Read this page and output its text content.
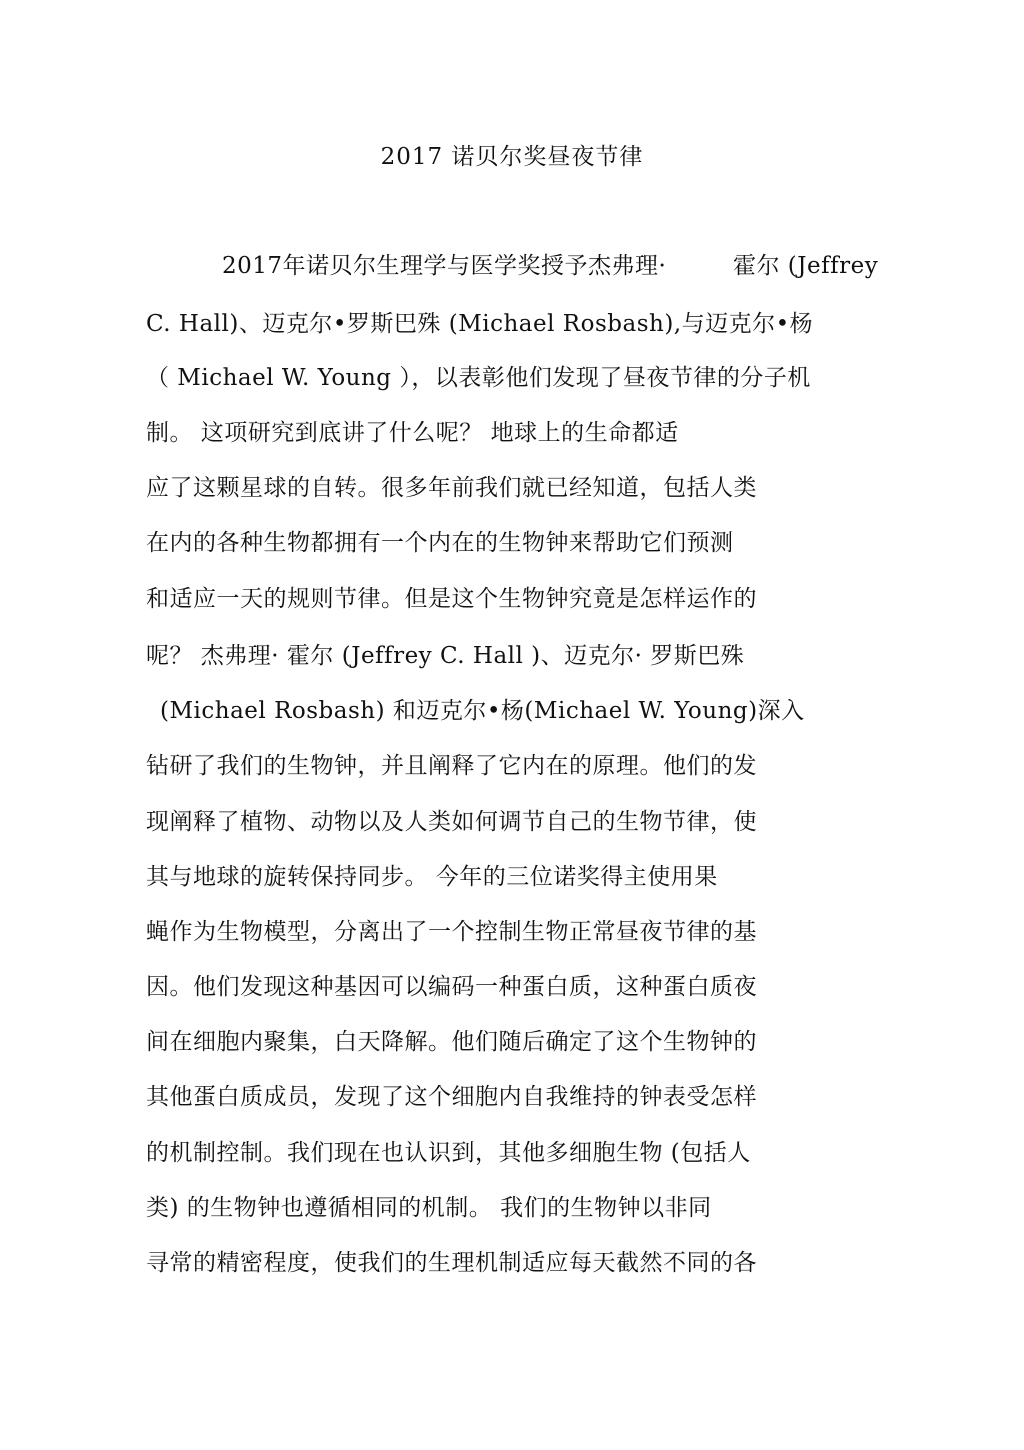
2017 诺贝尔奖昼夜节律
2017年诺贝尔生理学与医学奖授予杰弗理·	霍尔 (Jeffrey
C. Hall)、迈克尔•罗斯巴殊 (Michael Rosbash),与迈克尔•杨
（ Michael W. Young ），以表彰他们发现了昼夜节律的分子机
制。 这项研究到底讲了什么呢？ 地球上的生命都适
应了这颗星球的自转。很多年前我们就已经知道，包括人类
在内的各种生物都拥有一个内在的生物钟来帮助它们预测
和适应一天的规则节律。但是这个生物钟究竟是怎样运作的
呢？ 杰弗理· 霍尔 (Jeffrey C. Hall )、迈克尔· 罗斯巴殊
(Michael Rosbash) 和迈克尔•杨(Michael W. Young)深入
钻研了我们的生物钟，并且阐释了它内在的原理。他们的发
现阐释了植物、动物以及人类如何调节自己的生物节律，使
其与地球的旋转保持同步。 今年的三位诺奖得主使用果
蝇作为生物模型，分离出了一个控制生物正常昼夜节律的基
因。他们发现这种基因可以编码一种蛋白质，这种蛋白质夜
间在细胞内聚集，白天降解。他们随后确定了这个生物钟的
其他蛋白质成员，发现了这个细胞内自我维持的钟表受怎样
的机制控制。我们现在也认识到，其他多细胞生物 (包括人
类) 的生物钟也遵循相同的机制。 我们的生物钟以非同
寻常的精密程度，使我们的生理机制适应每天截然不同的各
